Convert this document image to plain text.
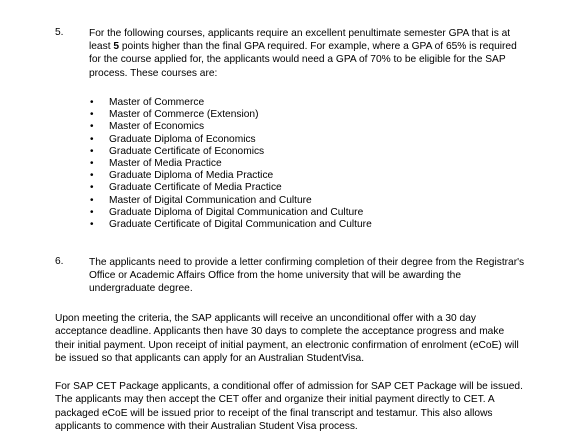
5.	For the following courses, applicants require an excellent penultimate semester GPA that is at least 5 points higher than the final GPA required. For example, where a GPA of 65% is required for the course applied for, the applicants would need a GPA of 70% to be eligible for the SAP process. These courses are:
• Master of Commerce
• Master of Commerce (Extension)
• Master of Economics
• Graduate Diploma of Economics
• Graduate Certificate of Economics
• Master of Media Practice
• Graduate Diploma of Media Practice
• Graduate Certificate of Media Practice
• Master of Digital Communication and Culture
• Graduate Diploma of Digital Communication and Culture
• Graduate Certificate of Digital Communication and Culture
6.	The applicants need to provide a letter confirming completion of their degree from the Registrar's Office or Academic Affairs Office from the home university that will be awarding the undergraduate degree.

Upon meeting the criteria, the SAP applicants will receive an unconditional offer with a 30 day acceptance deadline. Applicants then have 30 days to complete the acceptance progress and make their initial payment. Upon receipt of initial payment, an electronic confirmation of enrolment (eCoE) will be issued so that applicants can apply for an Australian StudentVisa.

For SAP CET Package applicants, a conditional offer of admission for SAP CET Package will be issued. The applicants may then accept the CET offer and organize their initial payment directly to CET. A packaged eCoE will be issued prior to receipt of the final transcript and testamur. This also allows applicants to commence with their Australian Student Visa process.
